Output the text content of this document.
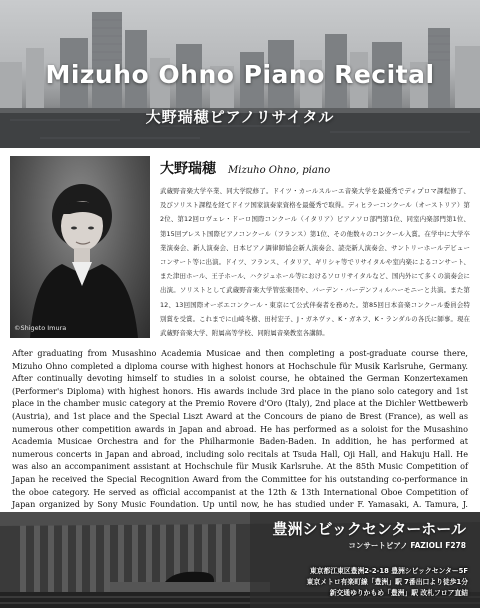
Mizuho Ohno Piano Recital
大野瑞穂ピアノリサイタル
©Shigeto Imura
大野瑞穂 Mizuho Ohno, piano

武蔵野音楽大学卒業、同大学院修了。ドイツ・カールスルーエ音楽大学を最優秀でディプロマ課程修了、及びソリスト課程を経てドイツ国家演奏家資格を最優秀で取得。ディヒラーコンクール（オーストリア）第2位、第12回ロヴェレ・ドーロ国際コンクール（イタリア）ピアノソロ部門第1位、同室内楽部門第1位、第15回ブレスト国際ピアノコンクール（フランス）第1位、その他数々のコンクール入賞。在学中に大学卒業演奏会、新人演奏会、日本ピアノ調律師協会新人演奏会、読売新人演奏会、サントリーホールデビューコンサート等に出演。ドイツ、フランス、イタリア、ギリシャ等でリサイタルや室内楽によるコンサート、また津田ホール、王子ホール、ハクジュホール等におけるソロリサイタルなど、国内外にて多くの演奏会に出演。ソリストとして武蔵野音楽大学管弦楽団や、バーデン・バーデンフィルハーモニーと共演。また第12、13回国際オーボエコンクール・東京にて公式伴奏者を務めた。第85回日本音楽コンクール委員会特別賞を受賞。これまでに山崎冬樹、田村宏子、J・ガネヴァ、K・ガネフ、K・ランダルの各氏に師事。現在武蔵野音楽大学、附属高等学校、同附属音楽教室各講師。

After graduating from Musashino Academia Musicae and then completing a post-graduate course there, Mizuho Ohno completed a diploma course with highest honors at Hochschule für Musik Karlsruhe, Germany. After continually devoting himself to studies in a soloist course, he obtained the German Konzertexamen (Performer's Diploma) with highest honors. His awards include 3rd place in the piano solo category and 1st place in the chamber music category at the Premio Rovere d'Oro (Italy), 2nd place at the Dichler Wettbewerb (Austria), and 1st place and the Special Liszt Award at the Concours de piano de Brest (France), as well as numerous other competition awards in Japan and abroad. He has performed as a soloist for the Musashino Academia Musicae Orchestra and for the Philharmonie Baden-Baden. In addition, he has performed at numerous concerts in Japan and abroad, including solo recitals at Tsuda Hall, Oji Hall, and Hakuju Hall. He was also an accompaniment assistant at Hochschule für Musik Karlsruhe. At the 85th Music Competition of Japan he received the Special Recognition Award from the Committee for his outstanding co-performance in the oboe category. He served as official accompanist at the 12th & 13th International Oboe Competition of Japan organized by Sony Music Foundation. Up until now, he has studied under F. Yamasaki, A. Tamura, J.

豊洲シビックセンターホール
コンサートピアノ FAZIOLI F278
東京都江東区豊洲2-2-18 豊洲シビックセンター5F
東京メトロ有楽町線「豊洲」駅 7番出口より徒歩1分
新交通ゆりかもめ「豊洲」駅 改札フロア直結
